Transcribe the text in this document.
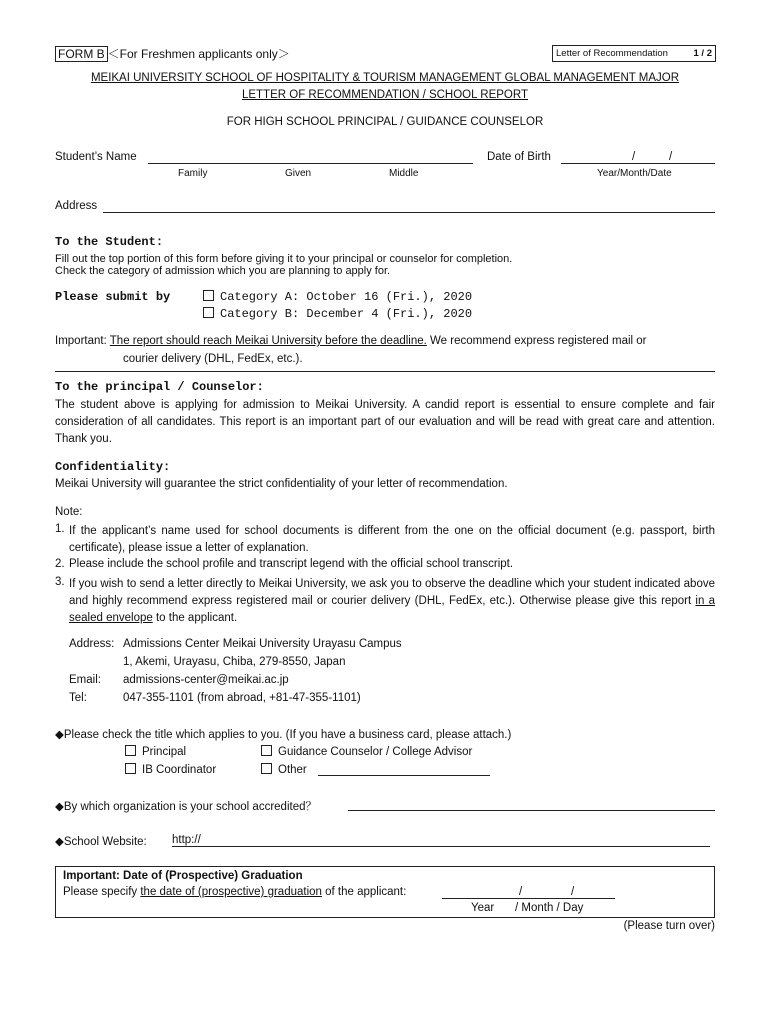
FORM B ＜For Freshmen applicants only＞	Letter of Recommendation	1 / 2
MEIKAI UNIVERSITY SCHOOL OF HOSPITALITY & TOURISM MANAGEMENT GLOBAL MANAGEMENT MAJOR
LETTER OF RECOMMENDATION / SCHOOL REPORT
FOR HIGH SCHOOL PRINCIPAL / GUIDANCE COUNSELOR
Student’s Name	Date of Birth	/	/
Family	Given	Middle	Year/Month/Date
Address
To the Student:
Fill out the top portion of this form before giving it to your principal or counselor for completion.
Check the category of admission which you are planning to apply for.
Please submit by	Category A: October 16 (Fri.), 2020
Category B: December 4 (Fri.), 2020
Important: The report should reach Meikai University before the deadline. We recommend express registered mail or
courier delivery (DHL, FedEx, etc.).
To the principal / Counselor:
The student above is applying for admission to Meikai University. A candid report is essential to ensure complete and fair consideration of all candidates. This report is an important part of our evaluation and will be read with great care and attention. Thank you.
Confidentiality:
Meikai University will guarantee the strict confidentiality of your letter of recommendation.
Note:
1. If the applicant’s name used for school documents is different from the one on the official document (e.g. passport, birth certificate), please issue a letter of explanation.
2. Please include the school profile and transcript legend with the official school transcript.
3. If you wish to send a letter directly to Meikai University, we ask you to observe the deadline which your student indicated above and highly recommend express registered mail or courier delivery (DHL, FedEx, etc.). Otherwise please give this report in a sealed envelope to the applicant.
Address: Admissions Center Meikai University Urayasu Campus
1, Akemi, Urayasu, Chiba, 279-8550, Japan
Email: admissions-center@meikai.ac.jp
Tel:	047-355-1101 (from abroad, +81-47-355-1101)
◆Please check the title which applies to you. (If you have a business card, please attach.)
Principal	Guidance Counselor / College Advisor
IB Coordinator	Other
◆By which organization is your school accredited？
◆School Website: http://
Important: Date of (Prospective) Graduation
Please specify the date of (prospective) graduation of the applicant:	/	/
Year / Month / Day
(Please turn over)
